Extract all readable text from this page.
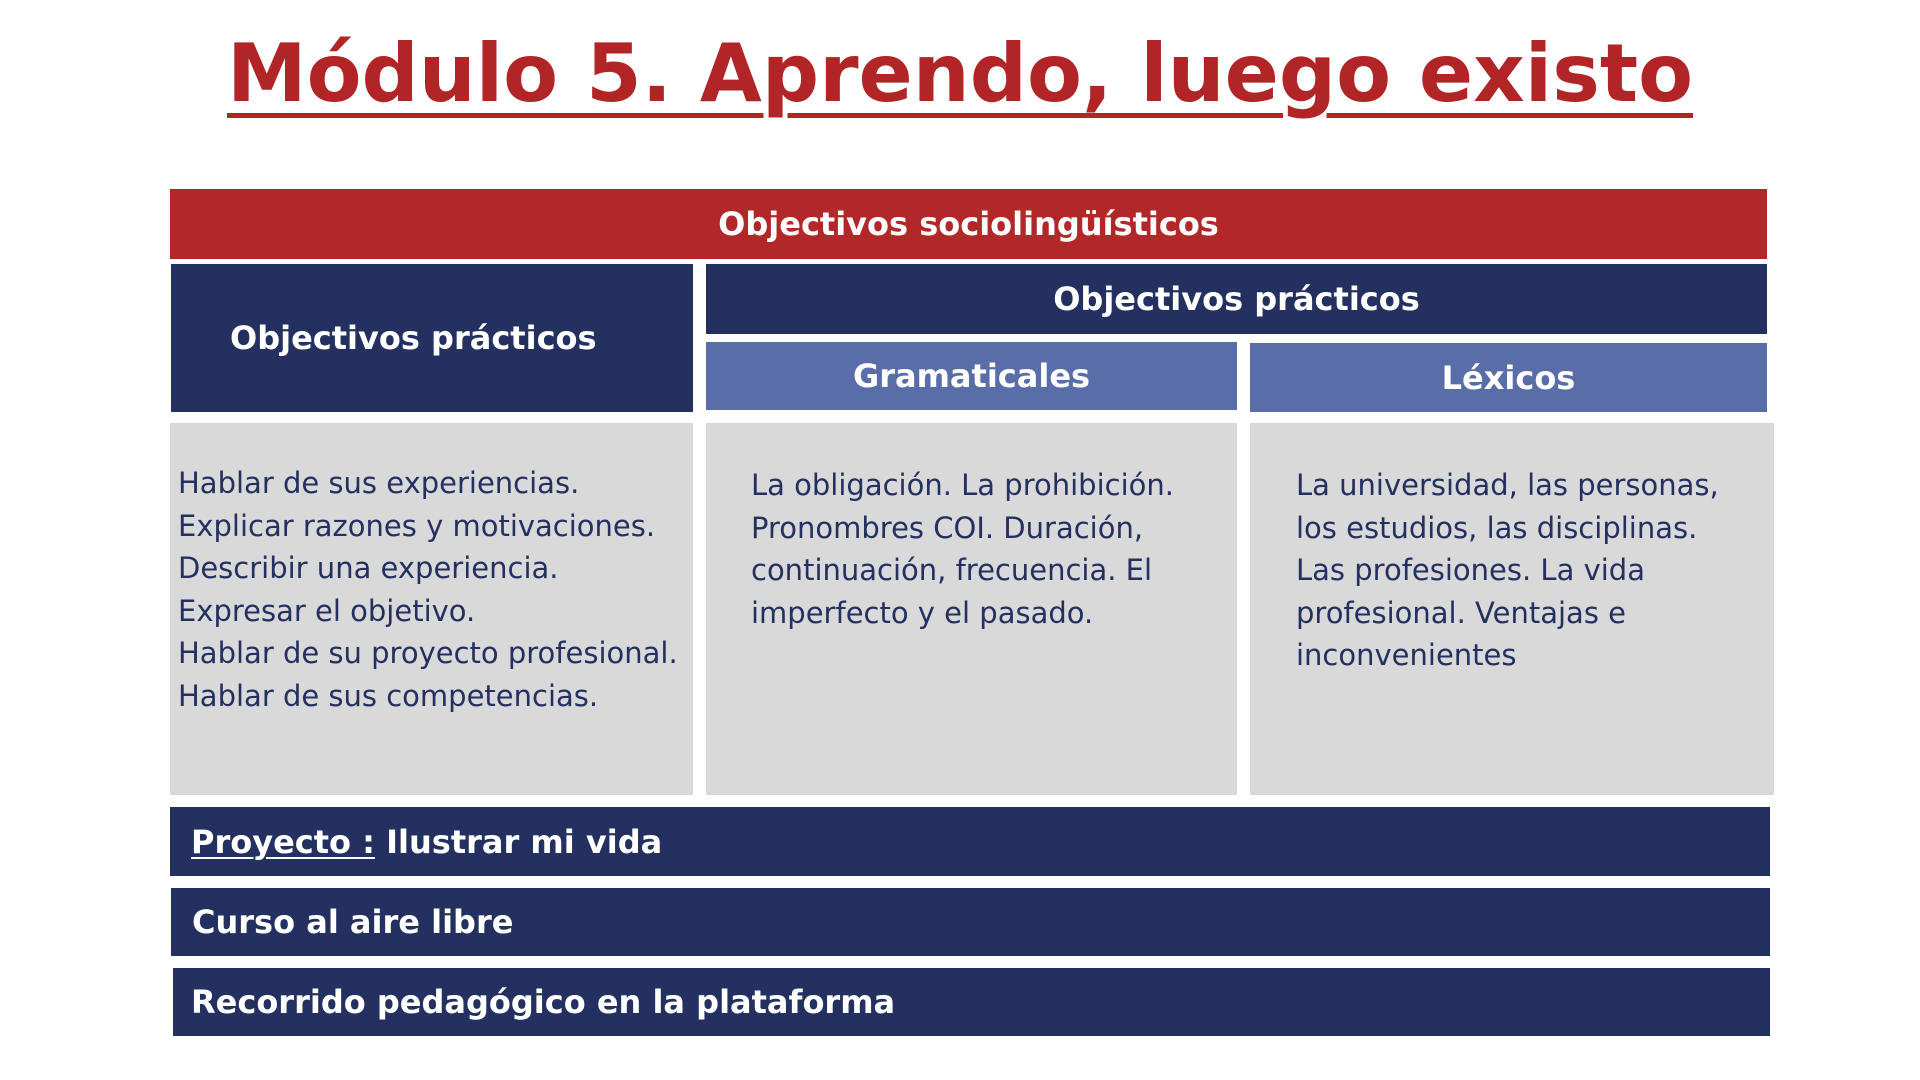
Módulo 5. Aprendo, luego existo
Objectivos sociolingüísticos
Objectivos prácticos
Objectivos prácticos
Gramaticales	Léxicos
Hablar de sus experiencias.
Explicar razones y motivaciones.
Describir una experiencia.
Expresar el objetivo.
Hablar de su proyecto profesional.
Hablar de sus competencias.
La obligación. La prohibición.
Pronombres COI. Duración,
continuación, frecuencia. El
imperfecto y el pasado.
La universidad, las personas,
los estudios, las disciplinas.
Las profesiones. La vida
profesional. Ventajas e
inconvenientes
Proyecto :
Ilustrar mi vida
Curso al aire libre
Recorrido pedagógico en la plataforma
